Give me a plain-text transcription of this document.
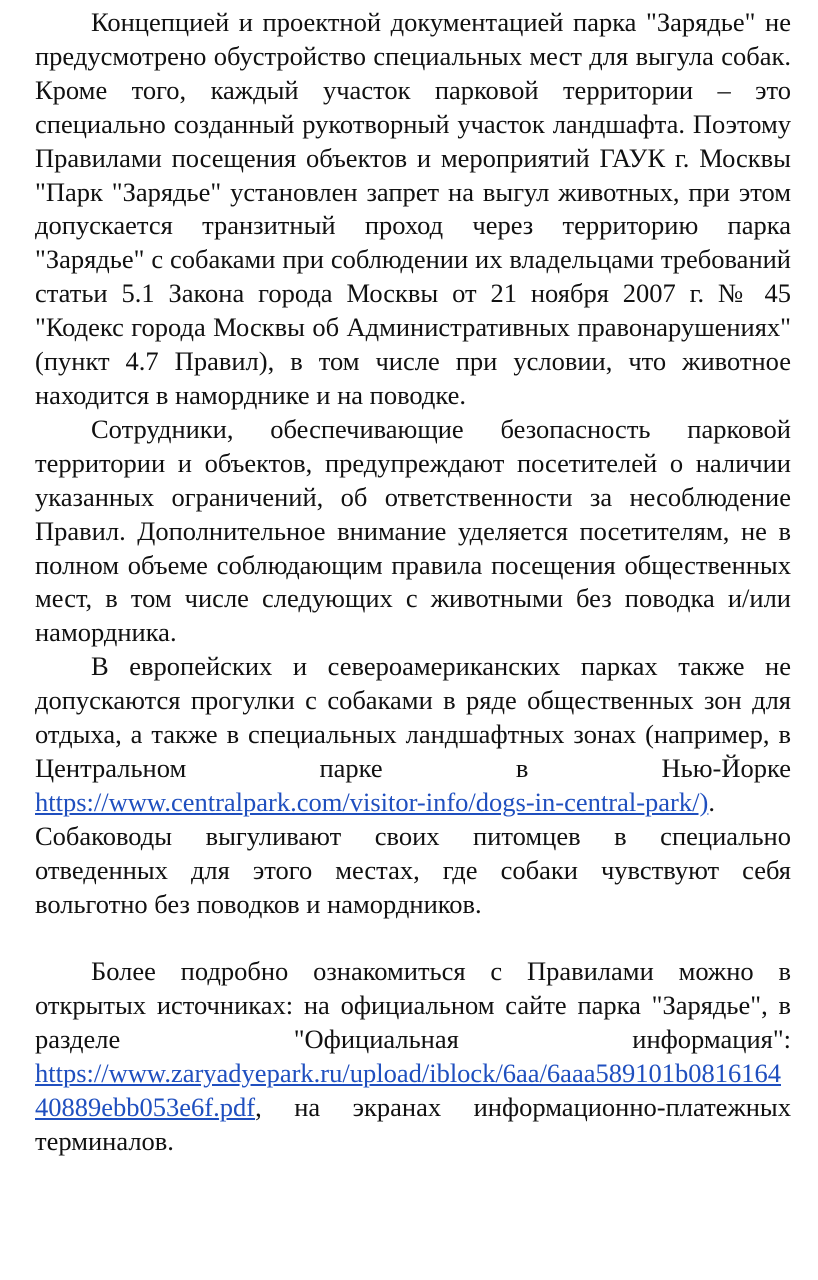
Концепцией и проектной документацией парка "Зарядье" не предусмотрено обустройство специальных мест для выгула собак. Кроме того, каждый участок парковой территории – это специально созданный рукотворный участок ландшафта. Поэтому Правилами посещения объектов и мероприятий ГАУК г. Москвы "Парк "Зарядье" установлен запрет на выгул животных, при этом допускается транзитный проход через территорию парка "Зарядье" с собаками при соблюдении их владельцами требований статьи 5.1 Закона города Москвы от 21 ноября 2007 г. № 45 "Кодекс города Москвы об Административных правонарушениях" (пункт 4.7 Правил), в том числе при условии, что животное находится в наморднике и на поводке.

Сотрудники, обеспечивающие безопасность парковой территории и объектов, предупреждают посетителей о наличии указанных ограничений, об ответственности за несоблюдение Правил. Дополнительное внимание уделяется посетителям, не в полном объеме соблюдающим правила посещения общественных мест, в том числе следующих с животными без поводка и/или намордника.

В европейских и североамериканских парках также не допускаются прогулки с собаками в ряде общественных зон для отдыха, а также в специальных ландшафтных зонах (например, в Центральном парке в Нью-Йорке https://www.centralpark.com/visitor-info/dogs-in-central-park/). Собаководы выгуливают своих питомцев в специально отведенных для этого местах, где собаки чувствуют себя вольготно без поводков и намордников.

Более подробно ознакомиться с Правилами можно в открытых источниках: на официальном сайте парка "Зарядье", в разделе "Официальная информация": https://www.zaryadyepark.ru/upload/iblock/6aa/6aaa589101b081616440889ebb053e6f.pdf, на экранах информационно-платежных терминалов.
